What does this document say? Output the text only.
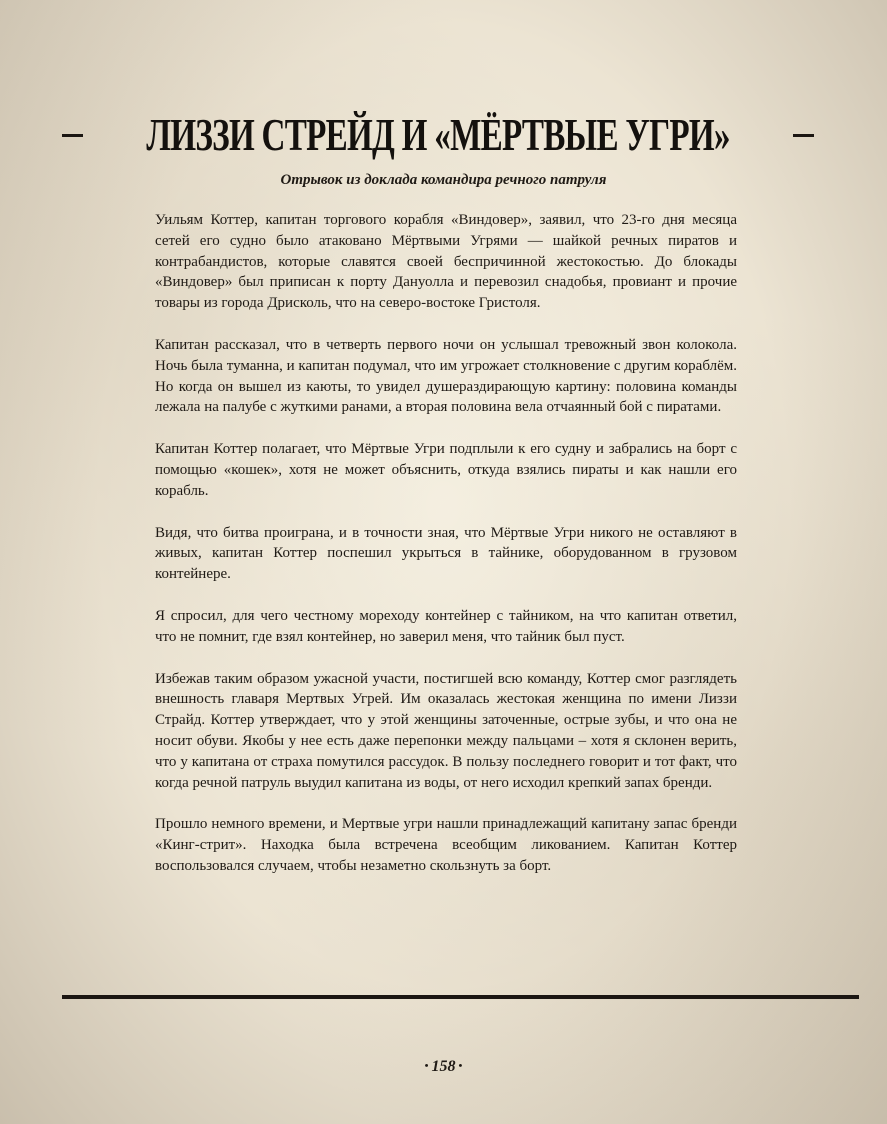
ЛИЗЗИ СТРЕЙД И «МЁРТВЫЕ УГРИ»
Отрывок из доклада командира речного патруля

Уильям Коттер, капитан торгового корабля «Виндовер», заявил, что 23-го дня месяца сетей его судно было атаковано Мёртвыми Угрями — шайкой речных пиратов и контрабандистов, которые славятся своей беспричинной жестокостью. До блокады «Виндовер» был приписан к порту Дануолла и перевозил снадобья, провиант и прочие товары из города Дрисколь, что на северо-востоке Гристоля.

Капитан рассказал, что в четверть первого ночи он услышал тревожный звон колокола. Ночь была туманна, и капитан подумал, что им угрожает столкновение с другим кораблём. Но когда он вышел из каюты, то увидел душераздирающую картину: половина команды лежала на палубе с жуткими ранами, а вторая половина вела отчаянный бой с пиратами.

Капитан Коттер полагает, что Мёртвые Угри подплыли к его судну и забрались на борт с помощью «кошек», хотя не может объяснить, откуда взялись пираты и как нашли его корабль.

Видя, что битва проиграна, и в точности зная, что Мёртвые Угри никого не оставляют в живых, капитан Коттер поспешил укрыться в тайнике, оборудованном в грузовом контейнере.

Я спросил, для чего честному мореходу контейнер с тайником, на что капитан ответил, что не помнит, где взял контейнер, но заверил меня, что тайник был пуст.

Избежав таким образом ужасной участи, постигшей всю команду, Коттер смог разглядеть внешность главаря Мертвых Угрей. Им оказалась жестокая женщина по имени Лиззи Страйд. Коттер утверждает, что у этой женщины заточенные, острые зубы, и что она не носит обуви. Якобы у нее есть даже перепонки между пальцами – хотя я склонен верить, что у капитана от страха помутился рассудок. В пользу последнего говорит и тот факт, что когда речной патруль выудил капитана из воды, от него исходил крепкий запах бренди.

Прошло немного времени, и Мертвые угри нашли принадлежащий капитану запас бренди «Кинг-стрит». Находка была встречена всеобщим ликованием. Капитан Коттер воспользовался случаем, чтобы незаметно скользнуть за борт.

• 158 •
